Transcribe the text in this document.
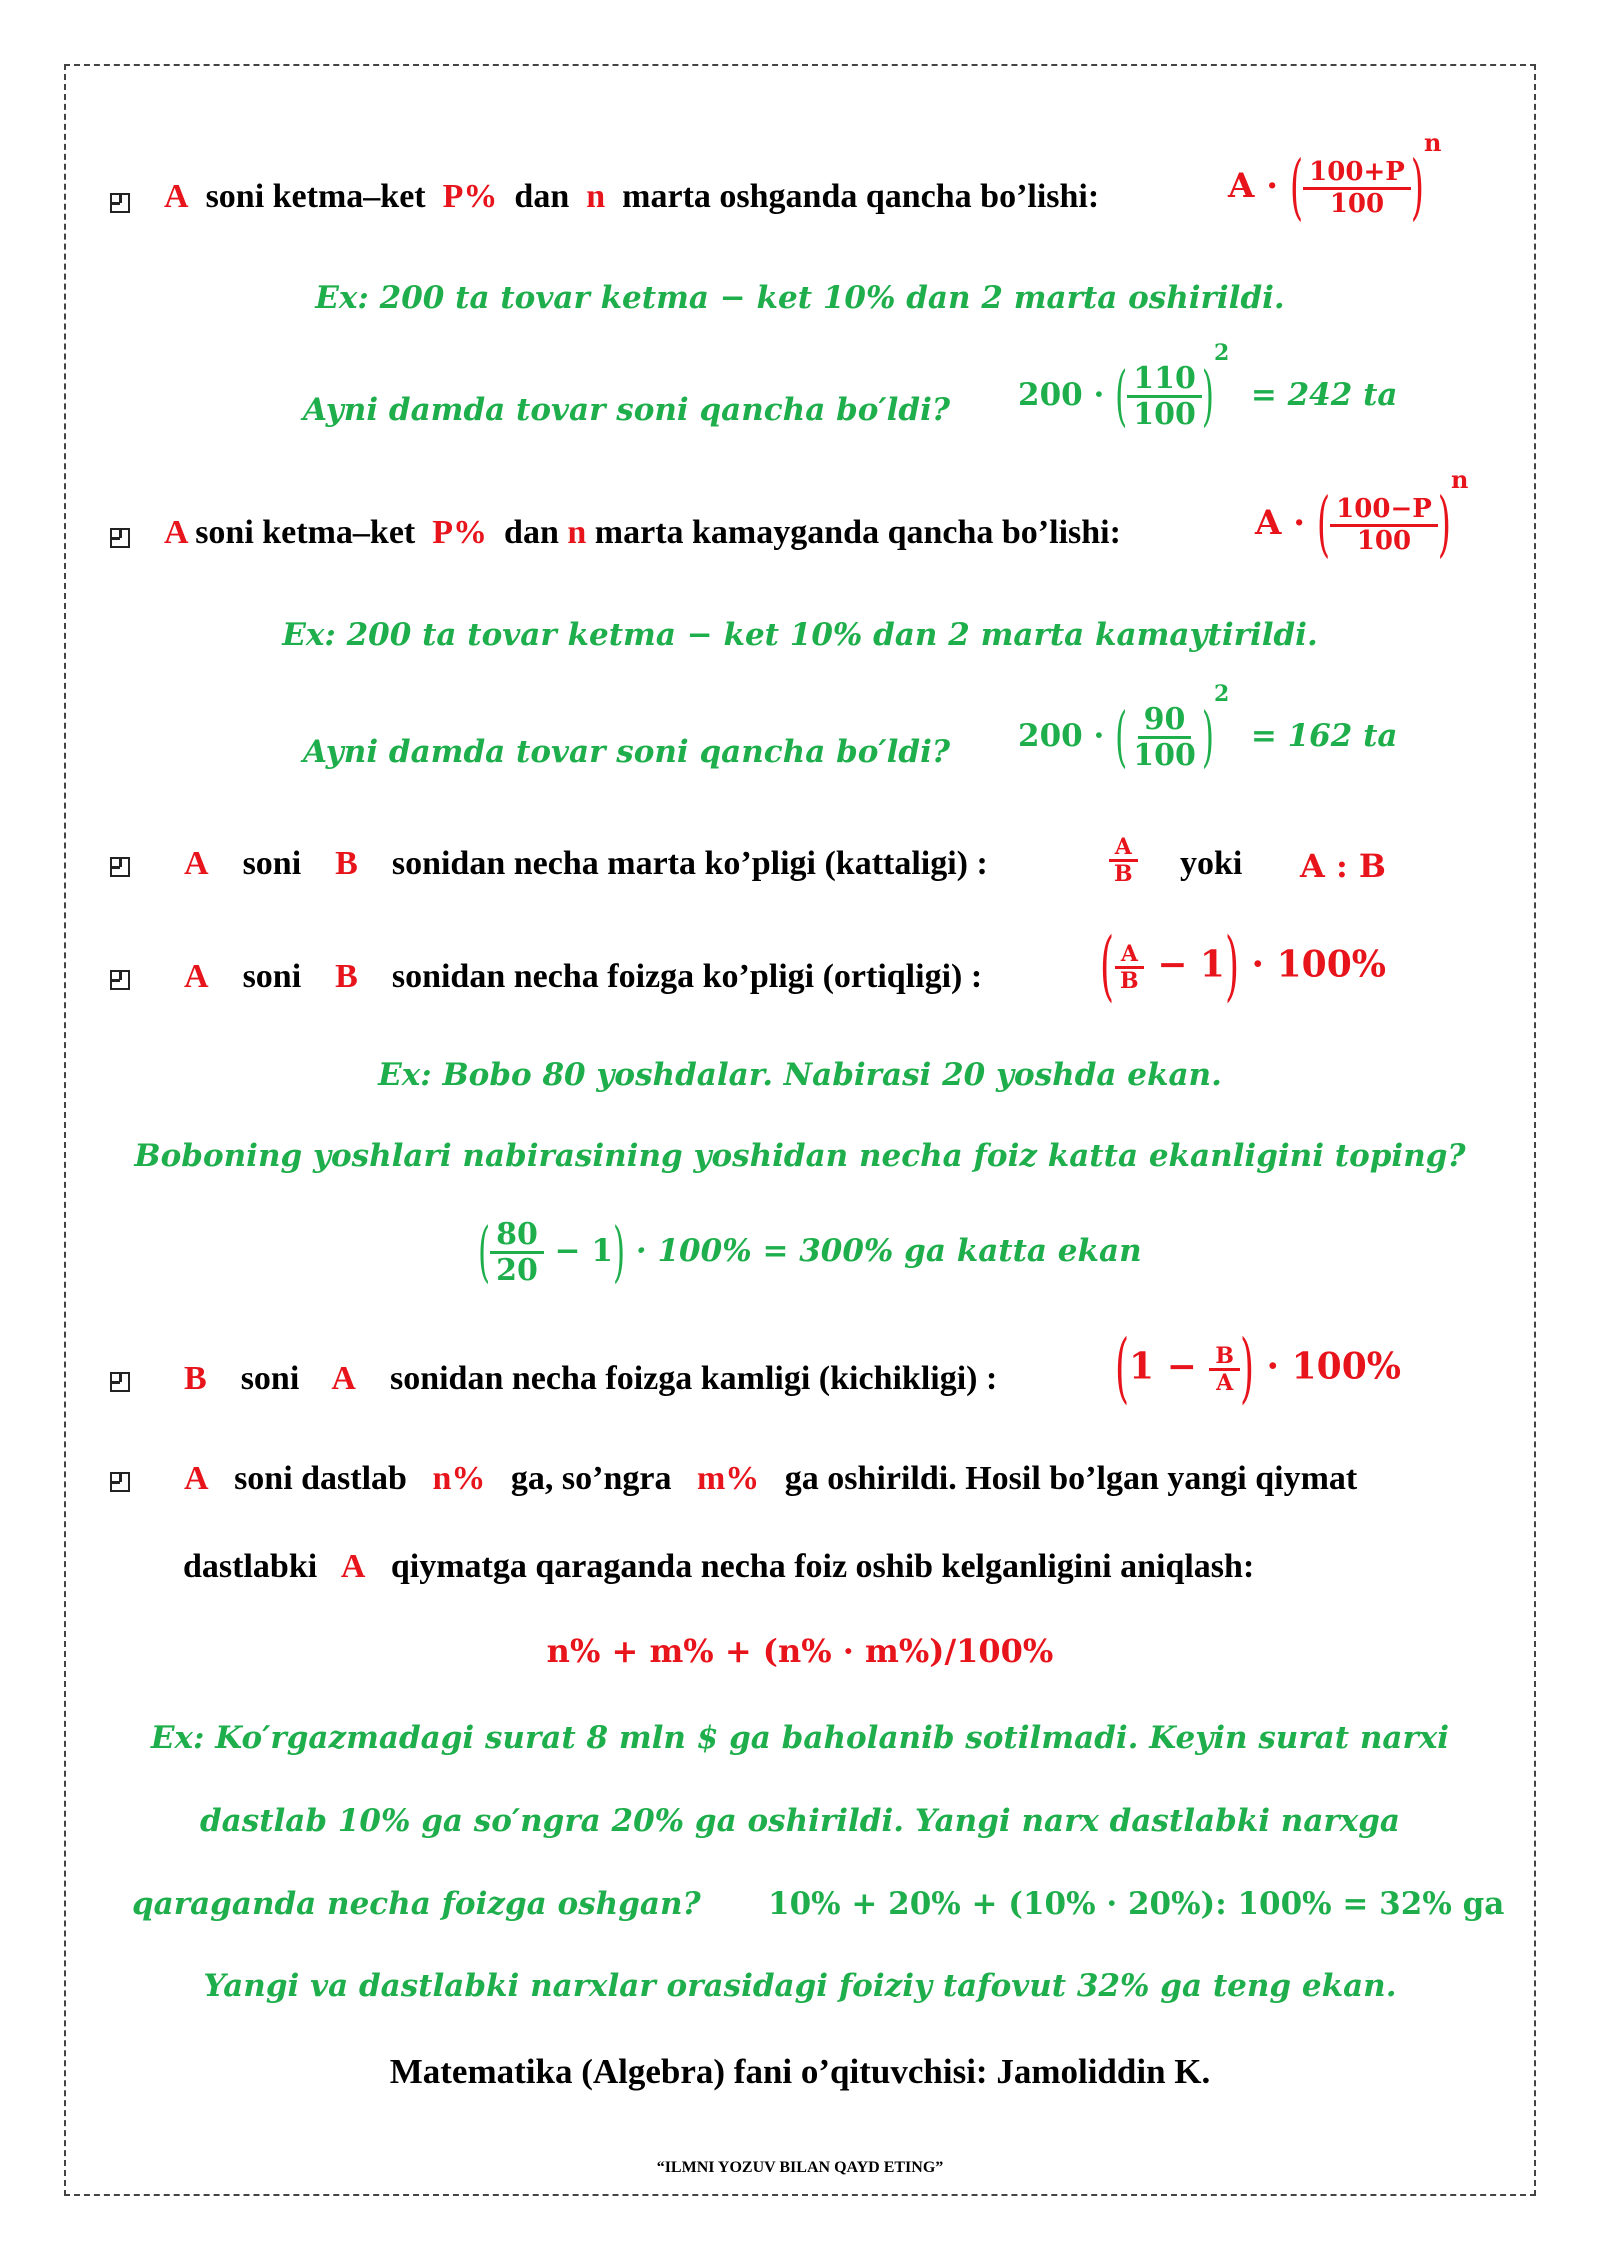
A soni ketma–ket P% dan n marta oshganda qancha bo’lishi:	A · ( $\frac{100+P}{100} )n$
Ex: 200 ta tovar ketma − ket 10% dan 2 marta oshirildi.
Ayni damda tovar soni qancha bo′ldi? 200 · ( $\frac{110}{100} )2 = 242$ ta
A soni ketma–ket P% dan n marta kamayganda qancha bo’lishi:	A · ( $\frac{100-P}{100} )n$
Ex: 200 ta tovar ketma − ket 10% dan 2 marta kamaytirildi.
Ayni damda tovar soni qancha bo′ldi? 200 · ( $\frac{90}{100} )2 = 162$ ta
A soni B sonidan necha marta ko’pligi (kattaligi) :	$\frac{A}{B}$ yoki A : B
A soni B sonidan necha foizga ko’pligi (ortiqligi) :	( $\frac{A}{B} - 1) \cdot 100\%$
Ex: Bobo 80 yoshdalar. Nabirasi 20 yoshda ekan.
Boboning yoshlari nabirasining yoshidan necha foiz katta ekanligini toping?
( $\frac{80}{20} - 1) \cdot 100\% = 300\%$ ga katta ekan
B soni A sonidan necha foizga kamligi (kichikligi) :	($1 - \frac{B}{A}$ ) · 100%
A soni dastlab n% ga, so’ngra m% ga oshirildi. Hosil bo’lgan yangi qiymat
dastlabki A qiymatga qaraganda necha foiz oshib kelganligini aniqlash:
n% + m% + (n% · m%)/100%
Ex: Ko′rgazmadagi surat 8 mln $ ga baholanib sotilmadi. Keyin surat narxi
dastlab 10% ga so′ngra 20% ga oshirildi. Yangi narx dastlabki narxga
qaraganda necha foizga oshgan? 10% + 20% + (10% · 20%): 100% = 32% ga
Yangi va dastlabki narxlar orasidagi foiziy tafovut 32% ga teng ekan.
Matematika (Algebra) fani o’qituvchisi: Jamoliddin K.
“ILMNI YOZUV BILAN QAYD ETING”
